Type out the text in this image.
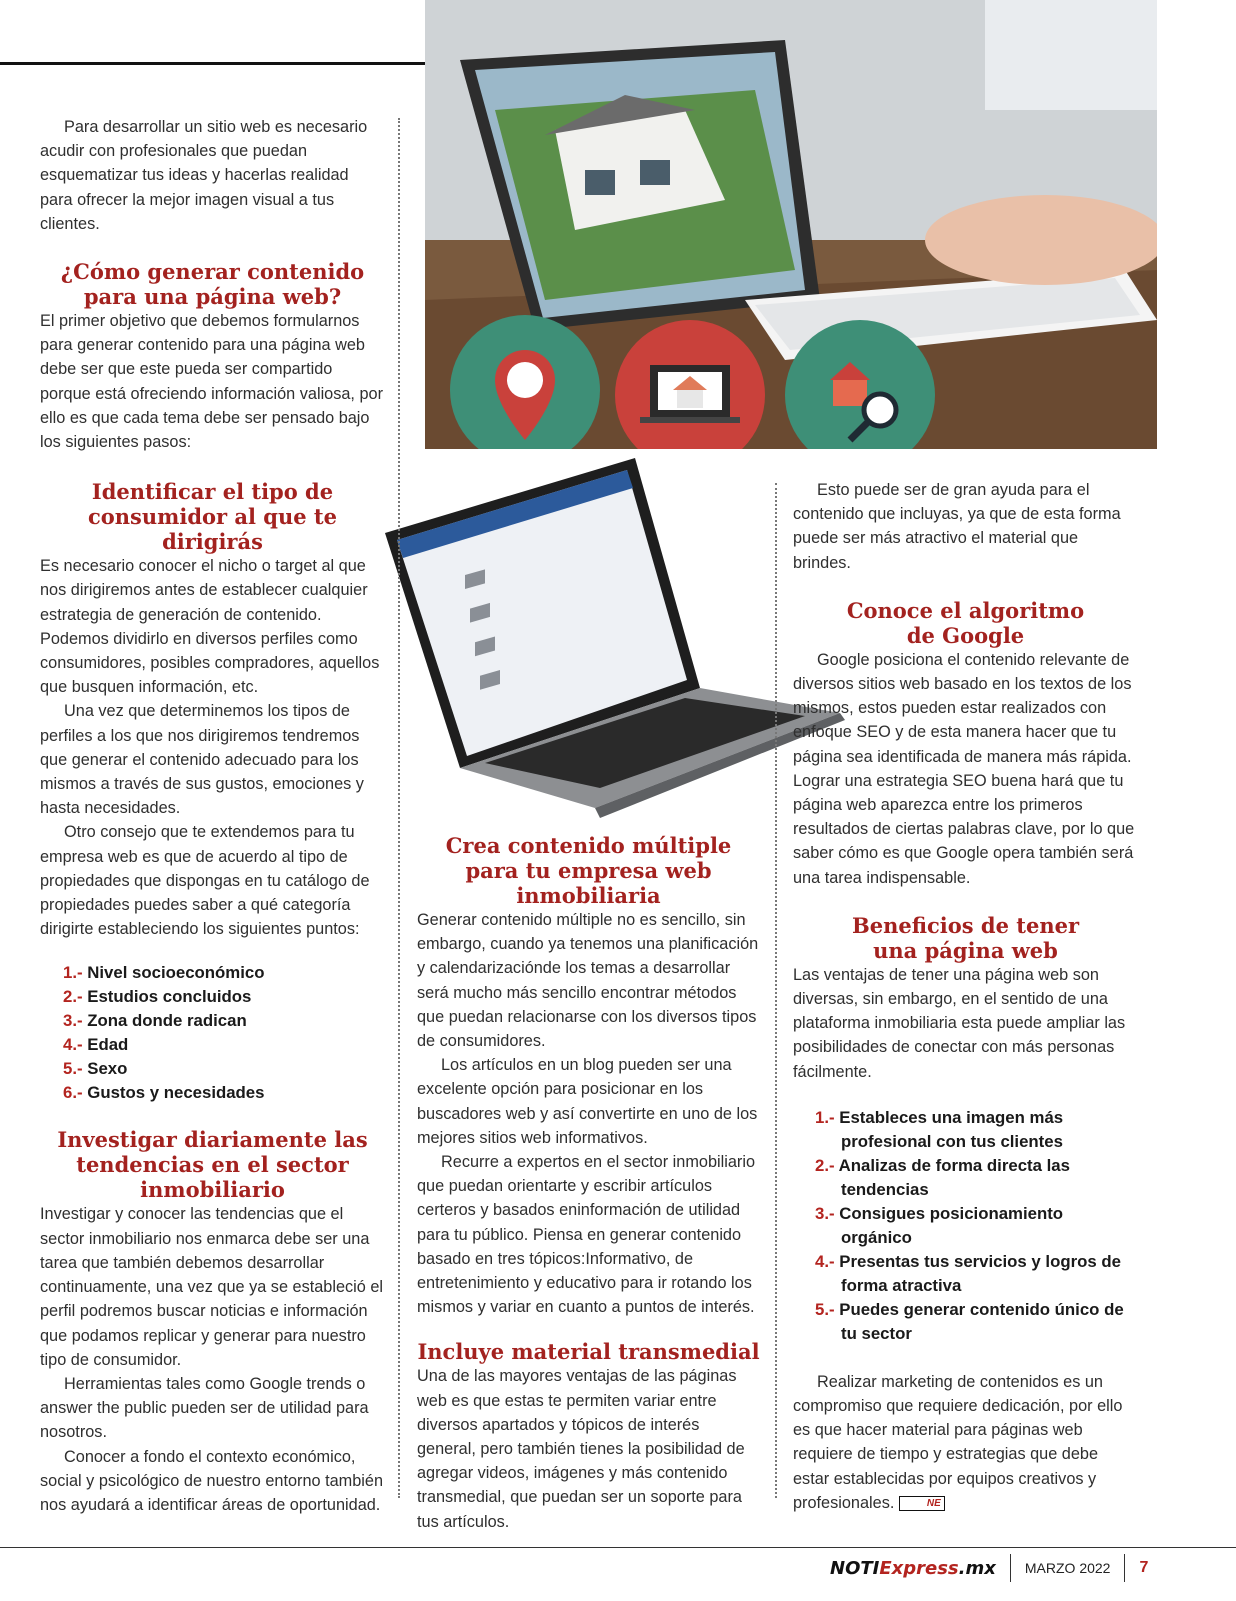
Para desarrollar un sitio web es necesario acudir con profesionales que puedan esquematizar tus ideas y hacerlas realidad para ofrecer la mejor imagen visual a tus clientes.

¿Cómo generar contenido para una página web?

El primer objetivo que debemos formularnos para generar contenido para una página web debe ser que este pueda ser compartido porque está ofreciendo información valiosa, por ello es que cada tema debe ser pensado bajo los siguientes pasos:

Identificar el tipo de consumidor al que te dirigirás

Es necesario conocer el nicho o target al que nos dirigiremos antes de establecer cualquier estrategia de generación de contenido. Podemos dividirlo en diversos perfiles como consumidores, posibles compradores, aquellos que busquen información, etc.

Una vez que determinemos los tipos de perfiles a los que nos dirigiremos tendremos que generar el contenido adecuado para los mismos a través de sus gustos, emociones y hasta necesidades.

Otro consejo que te extendemos para tu empresa web es que de acuerdo al tipo de propiedades que dispongas en tu catálogo de propiedades puedes saber a qué categoría dirigirte estableciendo los siguientes puntos:

1.- Nivel socioeconómico
2.- Estudios concluidos
3.- Zona donde radican
4.- Edad
5.- Sexo
6.- Gustos y necesidades
Investigar diariamente las tendencias en el sector inmobiliario

Investigar y conocer las tendencias que el sector inmobiliario nos enmarca debe ser una tarea que también debemos desarrollar continuamente, una vez que ya se estableció el perfil podremos buscar noticias e información que podamos replicar y generar para nuestro tipo de consumidor.

Herramientas tales como Google trends o answer the public pueden ser de utilidad para nosotros.

Conocer a fondo el contexto económico, social y psicológico de nuestro entorno también nos ayudará a identificar áreas de oportunidad.

Crea contenido múltiple para tu empresa web inmobiliaria

Generar contenido múltiple no es sencillo, sin embargo, cuando ya tenemos una planificación y calendarizaciónde los temas a desarrollar será mucho más sencillo encontrar métodos que puedan relacionarse con los diversos tipos de consumidores.

Los artículos en un blog pueden ser una excelente opción para posicionar en los buscadores web y así convertirte en uno de los mejores sitios web informativos.

Recurre a expertos en el sector inmobiliario que puedan orientarte y escribir artículos certeros y basados eninformación de utilidad para tu público. Piensa en generar contenido basado en tres tópicos:Informativo, de entretenimiento y educativo para ir rotando los mismos y variar en cuanto a puntos de interés.

Incluye material transmedial

Una de las mayores ventajas de las páginas web es que estas te permiten variar entre diversos apartados y tópicos de interés general, pero también tienes la posibilidad de agregar videos, imágenes y más contenido transmedial, que puedan ser un soporte para tus artículos.

Esto puede ser de gran ayuda para el contenido que incluyas, ya que de esta forma puede ser más atractivo el material que brindes.

Conoce el algoritmo de Google

Google posiciona el contenido relevante de diversos sitios web basado en los textos de los mismos, estos pueden estar realizados con enfoque SEO y de esta manera hacer que tu página sea identificada de manera más rápida. Lograr una estrategia SEO buena hará que tu página web aparezca entre los primeros resultados de ciertas palabras clave, por lo que saber cómo es que Google opera también será una tarea indispensable.

Beneficios de tener una página web

Las ventajas de tener una página web son diversas, sin embargo, en el sentido de una plataforma inmobiliaria esta puede ampliar las posibilidades de conectar con más personas fácilmente.

1.- Estableces una imagen más profesional con tus clientes
2.- Analizas de forma directa las tendencias
3.- Consigues posicionamiento orgánico
4.- Presentas tus servicios y logros de forma atractiva
5.- Puedes generar contenido único de tu sector

Realizar marketing de contenidos es un compromiso que requiere dedicación, por ello es que hacer material para páginas web requiere de tiempo y estrategias que debe estar establecidas por equipos creativos y profesionales.	NE

NOTIExpress.mx MARZO 2022 7
